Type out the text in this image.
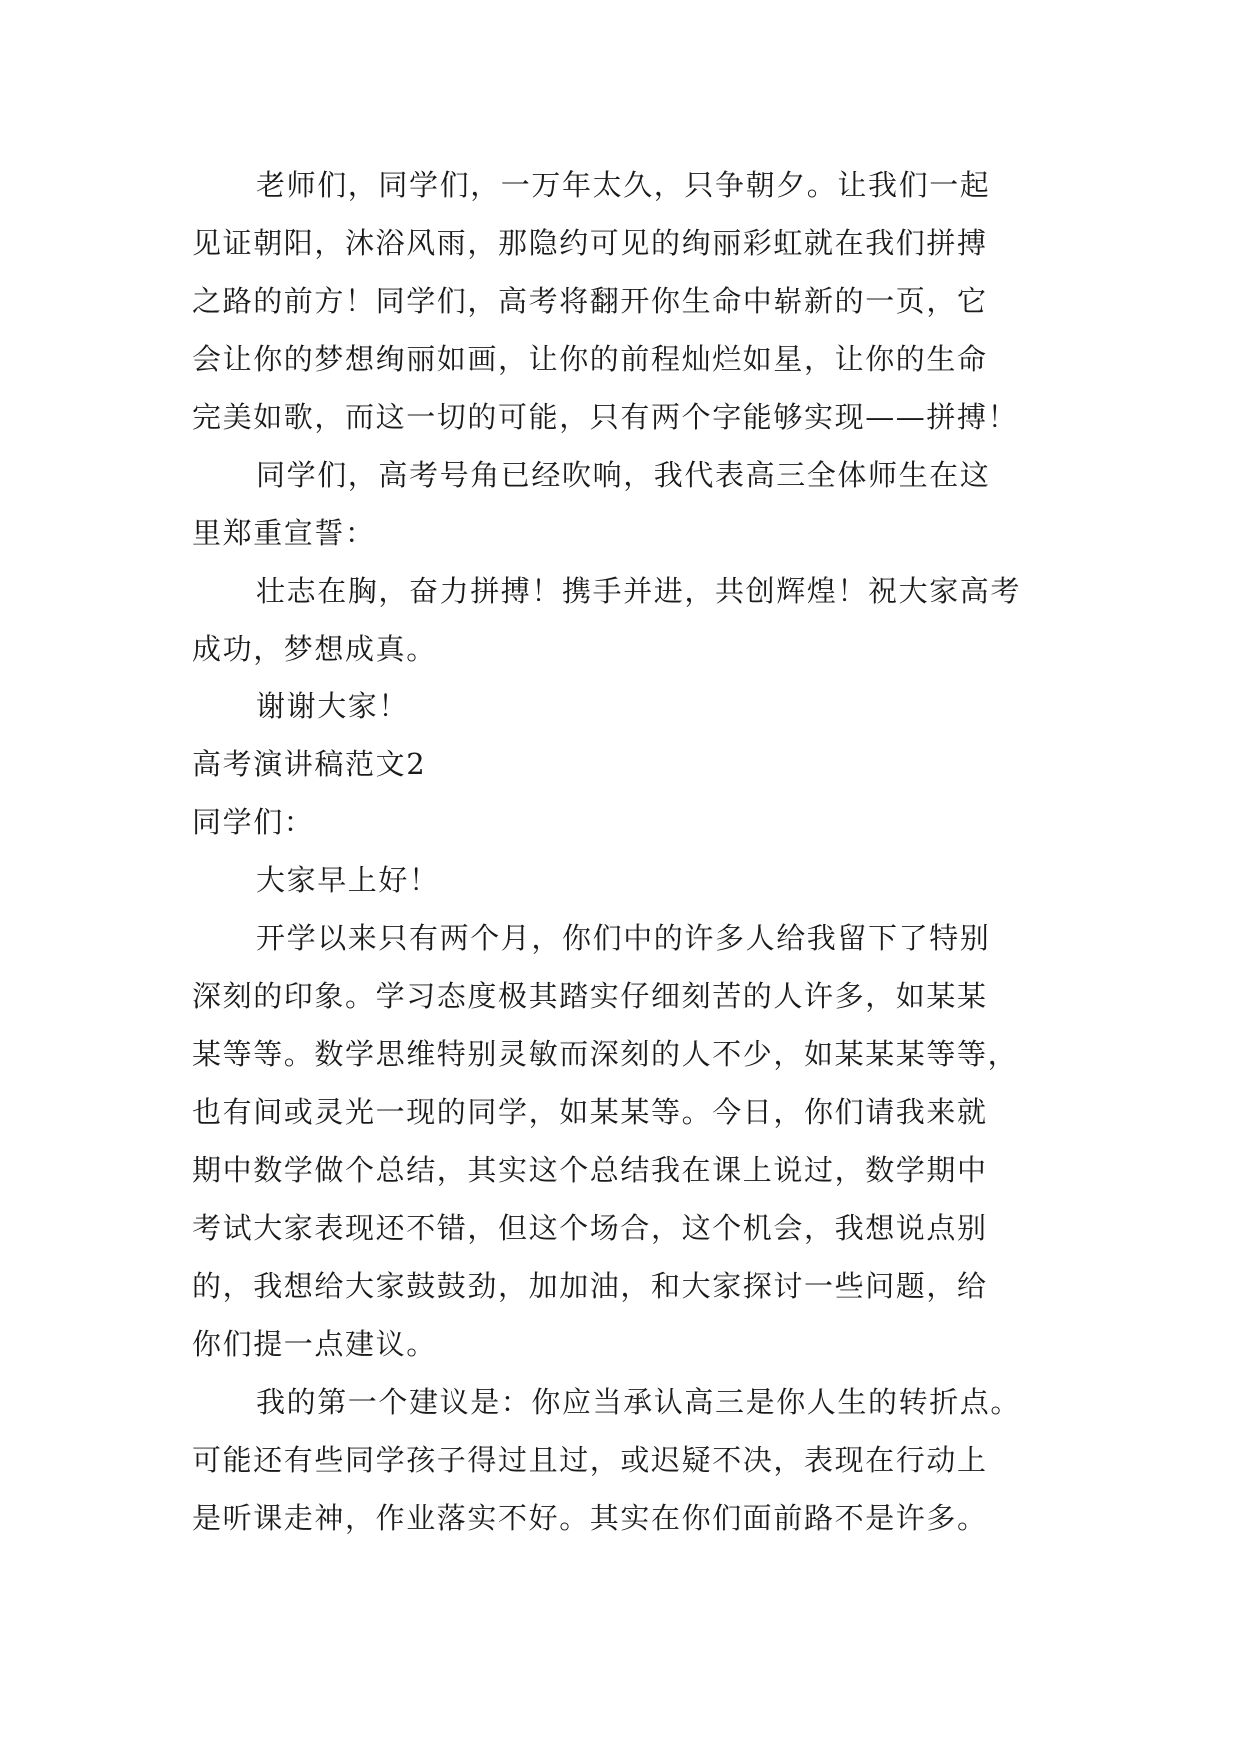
老师们，同学们，一万年太久，只争朝夕。让我们一起
见证朝阳，沐浴风雨，那隐约可见的绚丽彩虹就在我们拼搏
之路的前方！同学们，高考将翻开你生命中崭新的一页，它
会让你的梦想绚丽如画，让你的前程灿烂如星，让你的生命
完美如歌，而这一切的可能，只有两个字能够实现——拼搏！
同学们，高考号角已经吹响，我代表高三全体师生在这
里郑重宣誓：
壮志在胸，奋力拼搏！携手并进，共创辉煌！祝大家高考
成功，梦想成真。
谢谢大家！
高考演讲稿范文2
同学们：
大家早上好！
开学以来只有两个月，你们中的许多人给我留下了特别
深刻的印象。学习态度极其踏实仔细刻苦的人许多，如某某
某等等。数学思维特别灵敏而深刻的人不少，如某某某等等，
也有间或灵光一现的同学，如某某等。今日，你们请我来就
期中数学做个总结，其实这个总结我在课上说过，数学期中
考试大家表现还不错，但这个场合，这个机会，我想说点别
的，我想给大家鼓鼓劲，加加油，和大家探讨一些问题，给
你们提一点建议。
我的第一个建议是：你应当承认高三是你人生的转折点。
可能还有些同学孩子得过且过，或迟疑不决，表现在行动上
是听课走神，作业落实不好。其实在你们面前路不是许多。
